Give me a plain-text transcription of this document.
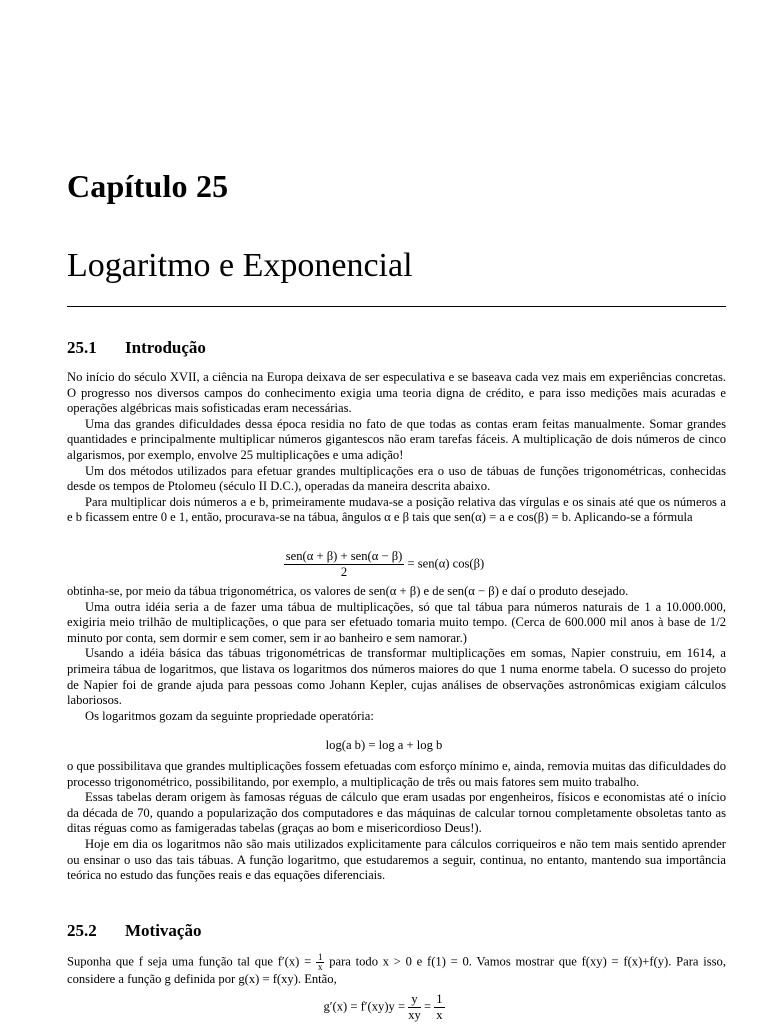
Capítulo 25
Logaritmo e Exponencial
25.1 Introdução

No início do século XVII, a ciência na Europa deixava de ser especulativa e se baseava cada vez mais em experiências concretas. O progresso nos diversos campos do conhecimento exigia uma teoria digna de crédito, e para isso medições mais acuradas e operações algébricas mais sofisticadas eram necessárias.

Uma das grandes dificuldades dessa época residia no fato de que todas as contas eram feitas manualmente. Somar grandes quantidades e principalmente multiplicar números gigantescos não eram tarefas fáceis. A multiplicação de dois números de cinco algarismos, por exemplo, envolve 25 multiplicações e uma adição!

Um dos métodos utilizados para efetuar grandes multiplicações era o uso de tábuas de funções trigonométricas, conhecidas desde os tempos de Ptolomeu (século II D.C.), operadas da maneira descrita abaixo.

Para multiplicar dois números a e b, primeiramente mudava-se a posição relativa das vírgulas e os sinais até que os números a e b ficassem entre 0 e 1, então, procurava-se na tábua, ângulos α e β tais que sen(α) = a e cos(β) = b. Aplicando-se a fórmula

$\frac{\text{sen(α + β) + sen(α − β)}}{2} = sen(\alpha)$ cos(β)

obtinha-se, por meio da tábua trigonométrica, os valores de sen(α + β) e de sen(α − β) e daí o produto desejado.

Uma outra idéia seria a de fazer uma tábua de multiplicações, só que tal tábua para números naturais de 1 a 10.000.000, exigiria meio trilhão de multiplicações, o que para ser efetuado tomaria muito tempo. (Cerca de 600.000 mil anos à base de 1/2 minuto por conta, sem dormir e sem comer, sem ir ao banheiro e sem namorar.)

Usando a idéia básica das tábuas trigonométricas de transformar multiplicações em somas, Napier construiu, em 1614, a primeira tábua de logaritmos, que listava os logaritmos dos números maiores do que 1 numa enorme tabela. O sucesso do projeto de Napier foi de grande ajuda para pessoas como Johann Kepler, cujas análises de observações astronômicas exigiam cálculos laboriosos.

Os logaritmos gozam da seguinte propriedade operatória:

log(a b) = log a + log b

o que possibilitava que grandes multiplicações fossem efetuadas com esforço mínimo e, ainda, removia muitas das dificuldades do processo trigonométrico, possibilitando, por exemplo, a multiplicação de três ou mais fatores sem muito trabalho.

Essas tabelas deram origem às famosas réguas de cálculo que eram usadas por engenheiros, físicos e economistas até o início da década de 70, quando a popularização dos computadores e das máquinas de calcular tornou completamente obsoletas tanto as ditas réguas como as famigeradas tabelas (graças ao bom e misericordioso Deus!).

Hoje em dia os logaritmos não são mais utilizados explicitamente para cálculos corriqueiros e não tem mais sentido aprender ou ensinar o uso das tais tábuas. A função logaritmo, que estudaremos a seguir, continua, no entanto, mantendo sua importância teórica no estudo das funções reais e das equações diferenciais.

25.2 Motivação

Suponha que f seja uma função tal que $f'(x) = \frac{1}{x}$ para todo x > 0 e f(1) = 0. Vamos mostrar que f(xy) = f(x)+f(y). Para isso, considere a função g definida por g(x) = f(xy). Então,

$g'(x) = f'(xy)y = \frac{y}{xy} = \frac{1}{x}$
